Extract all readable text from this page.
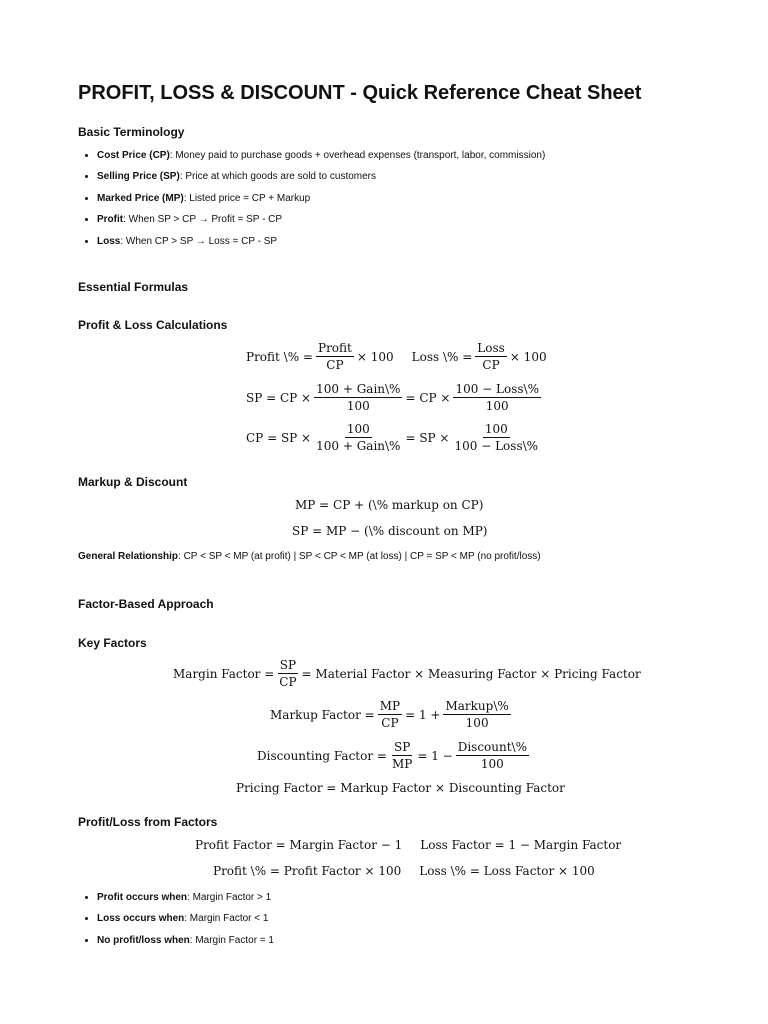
PROFIT, LOSS & DISCOUNT - Quick Reference Cheat Sheet
Basic Terminology
• Cost Price (CP): Money paid to purchase goods + overhead expenses (transport, labor, commission)
• Selling Price (SP): Price at which goods are sold to customers
• Marked Price (MP): Listed price = CP + Markup
• Profit: When SP > CP → Profit = SP - CP
• Loss: When CP > SP → Loss = CP - SP
Essential Formulas
Profit & Loss Calculations
Profit \% = $\frac{\text{Profit}}{CP} \times 100$ Loss \% = $\frac{\text{Loss}}{CP} \times 100$
SP = CP × $\frac{\text{100 + Gain\textbackslash{}\%}}{100}$ = CP × $\frac{\text{100 − Loss\textbackslash{}\%}}{100}$
CP = SP × $\frac{100}{\text{100 + Gain\textbackslash{}\%}}$ = SP × $\frac{100}{\text{100 − Loss\textbackslash{}\%}}$
Markup & Discount
MP = CP + (\% markup on CP)
SP = MP − (\% discount on MP)
General Relationship: CP < SP < MP (at profit) | SP < CP < MP (at loss) | CP = SP < MP (no profit/loss)
Factor-Based Approach
Key Factors
Margin Factor = $\frac{SP}{CP}$ = Material Factor × Measuring Factor × Pricing Factor
Markup Factor = $\frac{MP}{CP} = 1 + \frac{\text{Markup\textbackslash{}\%}}{100}$
Discounting Factor = $\frac{SP}{MP} = 1 - \frac{\text{Discount\textbackslash{}\%}}{100}$
Pricing Factor = Markup Factor × Discounting Factor
Profit/Loss from Factors
Profit Factor = Margin Factor − 1 Loss Factor = 1 − Margin Factor
Profit \% = Profit Factor × 100 Loss \% = Loss Factor × 100
• Profit occurs when: Margin Factor > 1
• Loss occurs when: Margin Factor < 1
• No profit/loss when: Margin Factor = 1
